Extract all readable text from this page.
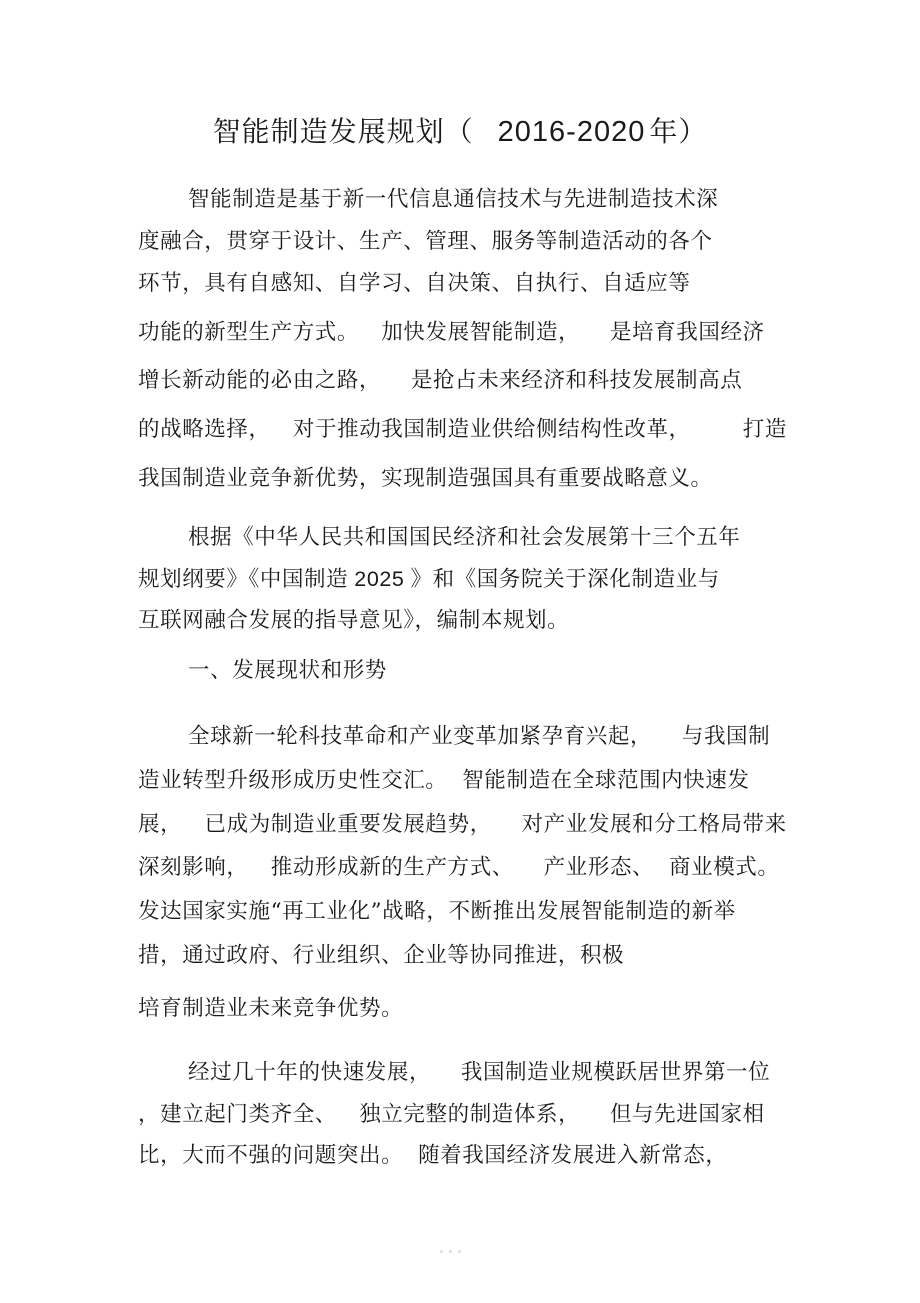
智能制造发展规划（ 2016-2020 年）
智能制造是基于新一代信息通信技术与先进制造技术深
度融合，贯穿于设计、生产、管理、服务等制造活动的各个
环节，具有自感知、自学习、自决策、自执行、自适应等
功能的新型生产方式。   加快发展智能制造，    是培育我国经济
增长新动能的必由之路，    是抢占未来经济和科技发展制高点
的战略选择，   对于推动我国制造业供给侧结构性改革，       打造
我国制造业竞争新优势，实现制造强国具有重要战略意义。
根据《中华人民共和国国民经济和社会发展第十三个五年
规划纲要》《中国制造 2025 》和《国务院关于深化制造业与
互联网融合发展的指导意见》，编制本规划。
一、发展现状和形势
全球新一轮科技革命和产业变革加紧孕育兴起，    与我国制
造业转型升级形成历史性交汇。  智能制造在全球范围内快速发
展，   已成为制造业重要发展趋势，    对产业发展和分工格局带来
深刻影响，   推动形成新的生产方式、    产业形态、  商业模式。
发达国家实施“再工业化”战略，不断推出发展智能制造的新举
措，通过政府、行业组织、企业等协同推进，积极
培育制造业未来竞争优势。
经过几十年的快速发展，    我国制造业规模跃居世界第一位
，建立起门类齐全、   独立完整的制造体系，    但与先进国家相
比，大而不强的问题突出。  随着我国经济发展进入新常态，
